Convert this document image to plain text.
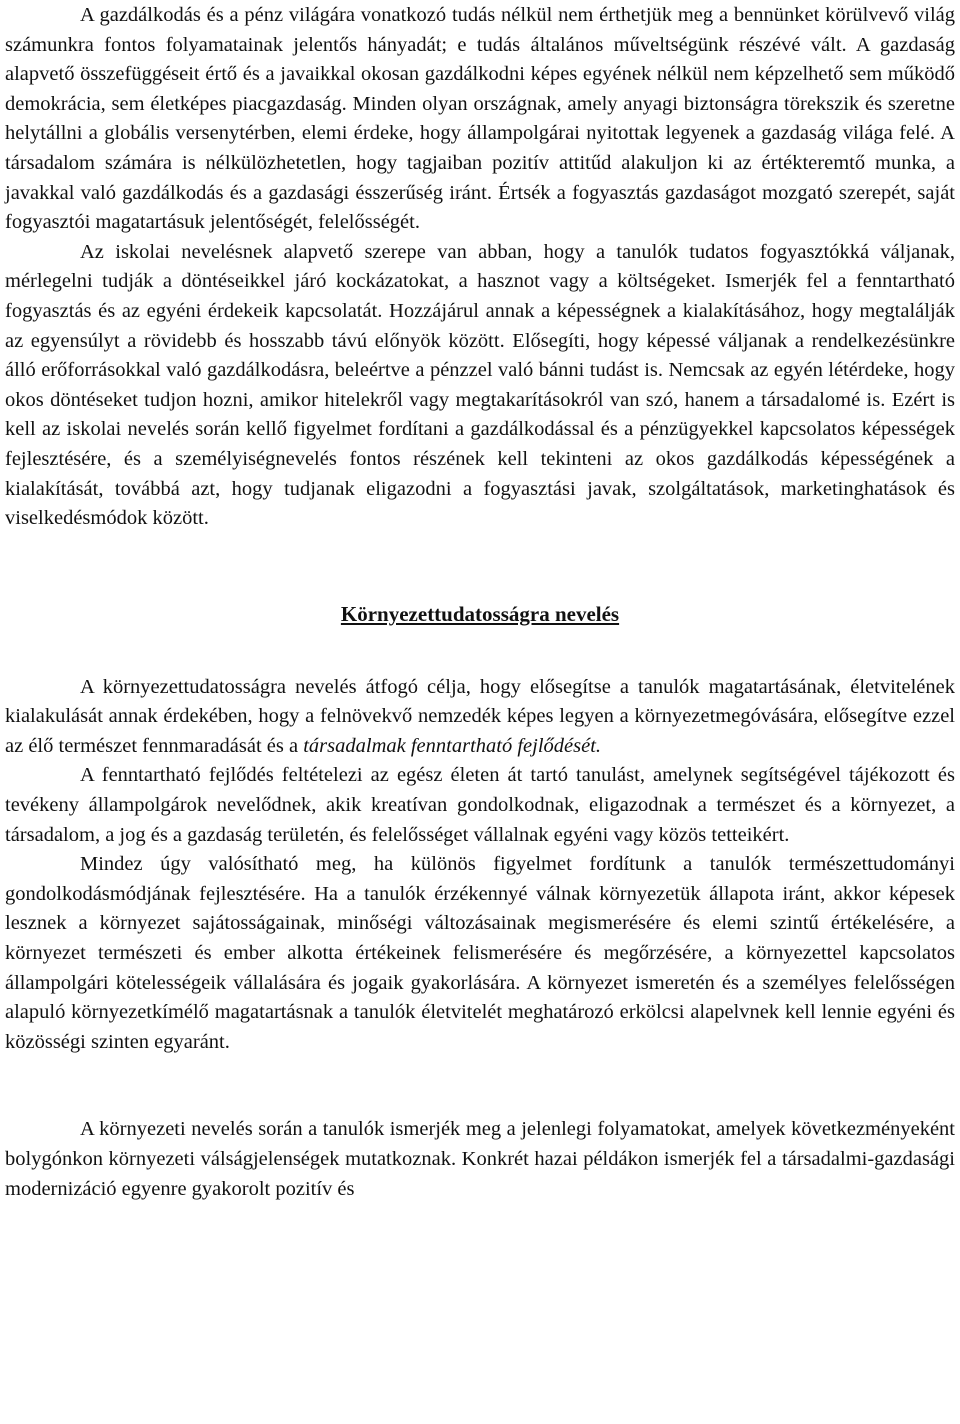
A gazdálkodás és a pénz világára vonatkozó tudás nélkül nem érthetjük meg a bennünket körülvevő világ számunkra fontos folyamatainak jelentős hányadát; e tudás általános műveltségünk részévé vált. A gazdaság alapvető összefüggéseit értő és a javaikkal okosan gazdálkodni képes egyének nélkül nem képzelhető sem működő demokrácia, sem életképes piacgazdaság. Minden olyan országnak, amely anyagi biztonságra törekszik és szeretne helytállni a globális versenytérben, elemi érdeke, hogy állampolgárai nyitottak legyenek a gazdaság világa felé. A társadalom számára is nélkülözhetetlen, hogy tagjaiban pozitív attitűd alakuljon ki az értékteremtő munka, a javakkal való gazdálkodás és a gazdasági ésszerűség iránt. Értsék a fogyasztás gazdaságot mozgató szerepét, saját fogyasztói magatartásuk jelentőségét, felelősségét.

Az iskolai nevelésnek alapvető szerepe van abban, hogy a tanulók tudatos fogyasztókká váljanak, mérlegelni tudják a döntéseikkel járó kockázatokat, a hasznot vagy a költségeket. Ismerjék fel a fenntartható fogyasztás és az egyéni érdekeik kapcsolatát. Hozzájárul annak a képességnek a kialakításához, hogy megtalálják az egyensúlyt a rövidebb és hosszabb távú előnyök között. Elősegíti, hogy képessé váljanak a rendelkezésünkre álló erőforrásokkal való gazdálkodásra, beleértve a pénzzel való bánni tudást is. Nemcsak az egyén létérdeke, hogy okos döntéseket tudjon hozni, amikor hitelekről vagy megtakarításokról van szó, hanem a társadalomé is. Ezért is kell az iskolai nevelés során kellő figyelmet fordítani a gazdálkodással és a pénzügyekkel kapcsolatos képességek fejlesztésére, és a személyiségnevelés fontos részének kell tekinteni az okos gazdálkodás képességének a kialakítását, továbbá azt, hogy tudjanak eligazodni a fogyasztási javak, szolgáltatások, marketinghatások és viselkedésmódok között.

Környezettudatosságra nevelés

A környezettudatosságra nevelés átfogó célja, hogy elősegítse a tanulók magatartásának, életvitelének kialakulását annak érdekében, hogy a felnövekvő nemzedék képes legyen a környezetmegóvására, elősegítve ezzel az élő természet fennmaradását és a társadalmak fenntartható fejlődését.

A fenntartható fejlődés feltételezi az egész életen át tartó tanulást, amelynek segítségével tájékozott és tevékeny állampolgárok nevelődnek, akik kreatívan gondolkodnak, eligazodnak a természet és a környezet, a társadalom, a jog és a gazdaság területén, és felelősséget vállalnak egyéni vagy közös tetteikért.

Mindez úgy valósítható meg, ha különös figyelmet fordítunk a tanulók természettudományi gondolkodásmódjának fejlesztésére. Ha a tanulók érzékennyé válnak környezetük állapota iránt, akkor képesek lesznek a környezet sajátosságainak, minőségi változásainak megismerésére és elemi szintű értékelésére, a környezet természeti és ember alkotta értékeinek felismerésére és megőrzésére, a környezettel kapcsolatos állampolgári kötelességeik vállalására és jogaik gyakorlására. A környezet ismeretén és a személyes felelősségen alapuló környezetkímélő magatartásnak a tanulók életvitelét meghatározó erkölcsi alapelvnek kell lennie egyéni és közösségi szinten egyaránt.

A környezeti nevelés során a tanulók ismerjék meg a jelenlegi folyamatokat, amelyek következményeként bolygónkon környezeti válságjelenségek mutatkoznak. Konkrét hazai példákon ismerjék fel a társadalmi-gazdasági modernizáció egyenre gyakorolt pozitív és
